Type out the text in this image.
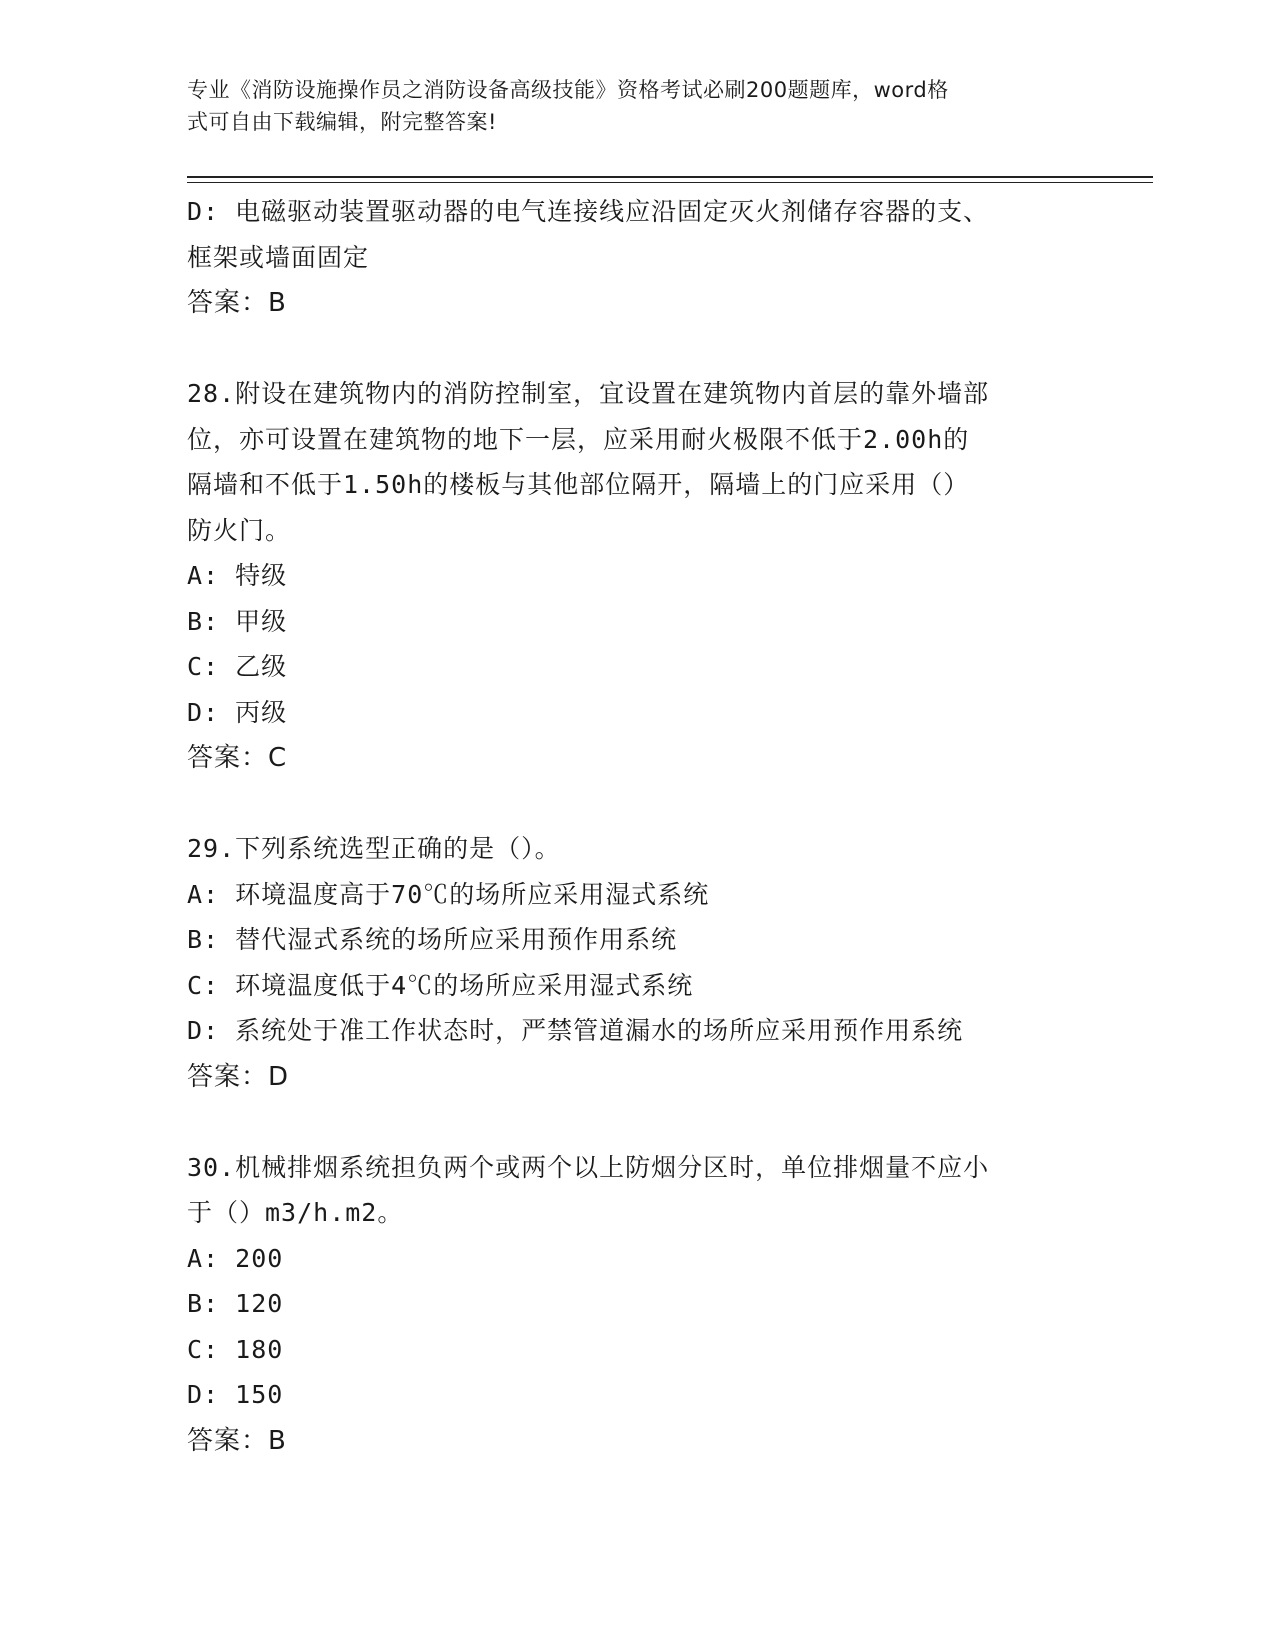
专业《消防设施操作员之消防设备高级技能》资格考试必刷200题题库，word格
式可自由下载编辑，附完整答案!
D: 电磁驱动装置驱动器的电气连接线应沿固定灭火剂储存容器的支、
框架或墙面固定
答案：B
28.附设在建筑物内的消防控制室，宜设置在建筑物内首层的靠外墙部
位，亦可设置在建筑物的地下一层，应采用耐火极限不低于2.00h的
隔墙和不低于1.50h的楼板与其他部位隔开，隔墙上的门应采用（）
防火门。
A: 特级
B: 甲级
C: 乙级
D: 丙级
答案：C
29.下列系统选型正确的是（）。
A: 环境温度高于70℃的场所应采用湿式系统
B: 替代湿式系统的场所应采用预作用系统
C: 环境温度低于4℃的场所应采用湿式系统
D: 系统处于准工作状态时，严禁管道漏水的场所应采用预作用系统
答案：D
30.机械排烟系统担负两个或两个以上防烟分区时，单位排烟量不应小
于（）m3/h.m2。
A: 200
B: 120
C: 180
D: 150
答案：B
